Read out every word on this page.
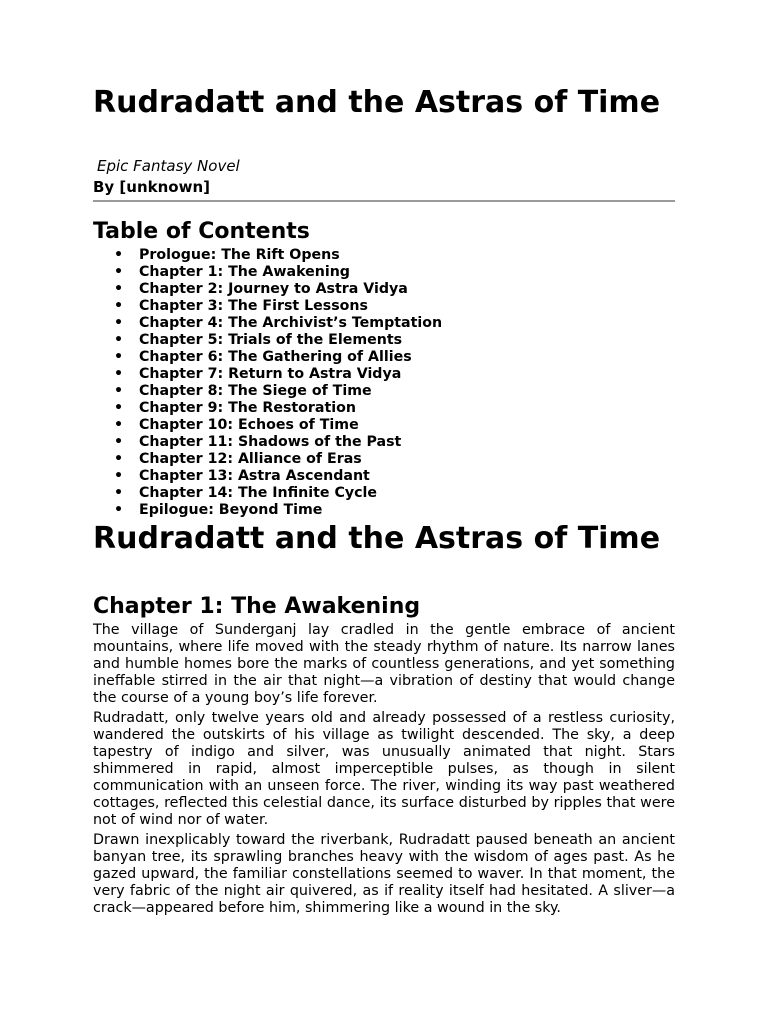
Rudradatt and the Astras of Time
Epic Fantasy Novel
By [unknown]
Table of Contents
• Prologue: The Rift Opens
• Chapter 1: The Awakening
• Chapter 2: Journey to Astra Vidya
• Chapter 3: The First Lessons
• Chapter 4: The Archivist’s Temptation
• Chapter 5: Trials of the Elements
• Chapter 6: The Gathering of Allies
• Chapter 7: Return to Astra Vidya
• Chapter 8: The Siege of Time
• Chapter 9: The Restoration
• Chapter 10: Echoes of Time
• Chapter 11: Shadows of the Past
• Chapter 12: Alliance of Eras
• Chapter 13: Astra Ascendant
• Chapter 14: The Infinite Cycle
• Epilogue: Beyond Time
Rudradatt and the Astras of Time
Chapter 1: The Awakening

The village of Sunderganj lay cradled in the gentle embrace of ancient mountains, where life moved with the steady rhythm of nature. Its narrow lanes and humble homes bore the marks of countless generations, and yet something ineffable stirred in the air that night—a vibration of destiny that would change the course of a young boy’s life forever.

Rudradatt, only twelve years old and already possessed of a restless curiosity, wandered the outskirts of his village as twilight descended. The sky, a deep tapestry of indigo and silver, was unusually animated that night. Stars shimmered in rapid, almost imperceptible pulses, as though in silent communication with an unseen force. The river, winding its way past weathered cottages, reflected this celestial dance, its surface disturbed by ripples that were not of wind nor of water.

Drawn inexplicably toward the riverbank, Rudradatt paused beneath an ancient banyan tree, its sprawling branches heavy with the wisdom of ages past. As he gazed upward, the familiar constellations seemed to waver. In that moment, the very fabric of the night air quivered, as if reality itself had hesitated. A sliver—a crack—appeared before him, shimmering like a wound in the sky.
